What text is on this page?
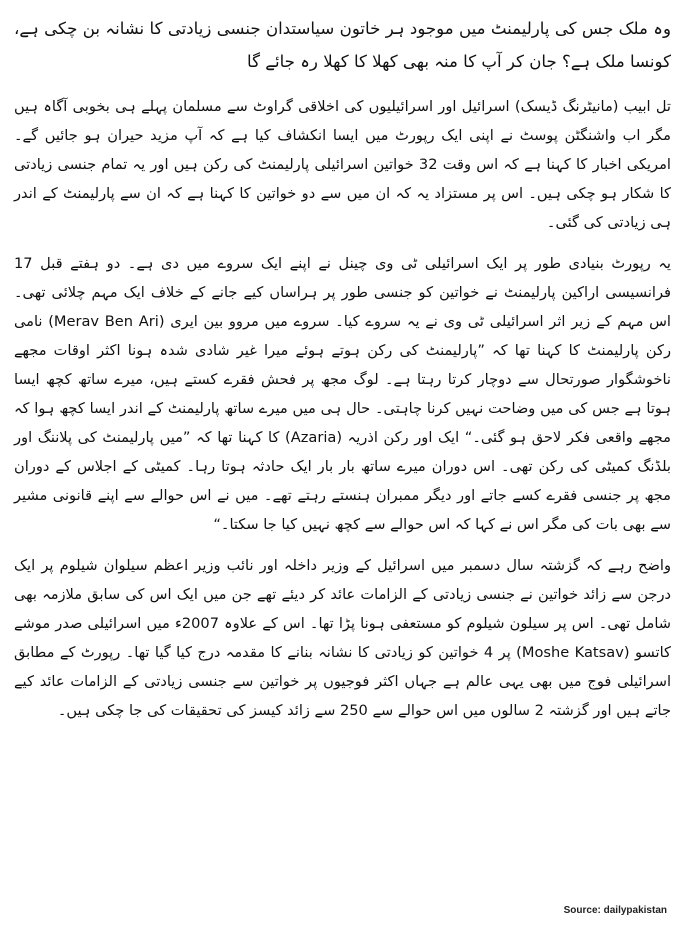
وہ ملک جس کی پارلیمنٹ میں موجود ہر خاتون سیاستدان جنسی زیادتی کا نشانہ بن چکی ہے، کونسا ملک ہے؟ جان کر آپ کا منہ بھی کھلا کا کھلا رہ جائے گا

تل ابیب (مانیٹرنگ ڈیسک) اسرائیل اور اسرائیلیوں کی اخلاقی گراوٹ سے مسلمان پہلے ہی بخوبی آگاہ ہیں مگر اب واشنگٹن پوسٹ نے اپنی ایک رپورٹ میں ایسا انکشاف کیا ہے کہ آپ مزید حیران ہو جائیں گے۔ امریکی اخبار کا کہنا ہے کہ اس وقت 32 خواتین اسرائیلی پارلیمنٹ کی رکن ہیں اور یہ تمام جنسی زیادتی کا شکار ہو چکی ہیں۔ اس پر مستزاد یہ کہ ان میں سے دو خواتین کا کہنا ہے کہ ان سے پارلیمنٹ کے اندر ہی زیادتی کی گئی۔

یہ رپورٹ بنیادی طور پر ایک اسرائیلی ٹی وی چینل نے اپنے ایک سروے میں دی ہے۔ دو ہفتے قبل 17 فرانسیسی اراکین پارلیمنٹ نے خواتین کو جنسی طور پر ہراساں کیے جانے کے خلاف ایک مہم چلائی تھی۔ اس مہم کے زیر اثر اسرائیلی ٹی وی نے یہ سروے کیا۔ سروے میں مروو بین ایری (Merav Ben Ari) نامی رکن پارلیمنٹ کا کہنا تھا کہ ”پارلیمنٹ کی رکن ہوتے ہوئے میرا غیر شادی شدہ ہونا اکثر اوقات مجھے ناخوشگوار صورتحال سے دوچار کرتا رہتا ہے۔ لوگ مجھ پر فحش فقرے کستے ہیں، میرے ساتھ کچھ ایسا ہوتا ہے جس کی میں وضاحت نہیں کرنا چاہتی۔ حال ہی میں میرے ساتھ پارلیمنٹ کے اندر ایسا کچھ ہوا کہ مجھے واقعی فکر لاحق ہو گئی۔“ ایک اور رکن اذریہ (Azaria) کا کہنا تھا کہ ”میں پارلیمنٹ کی پلاننگ اور بلڈنگ کمیٹی کی رکن تھی۔ اس دوران میرے ساتھ بار بار ایک حادثہ ہوتا رہا۔ کمیٹی کے اجلاس کے دوران مجھ پر جنسی فقرے کسے جاتے اور دیگر ممبران ہنستے رہتے تھے۔ میں نے اس حوالے سے اپنے قانونی مشیر سے بھی بات کی مگر اس نے کہا کہ اس حوالے سے کچھ نہیں کیا جا سکتا۔“

واضح رہے کہ گزشتہ سال دسمبر میں اسرائیل کے وزیر داخلہ اور نائب وزیر اعظم سیلوان شیلوم پر ایک درجن سے زائد خواتین نے جنسی زیادتی کے الزامات عائد کر دیئے تھے جن میں ایک اس کی سابق ملازمہ بھی شامل تھی۔ اس پر سیلون شیلوم کو مستعفی ہونا پڑا تھا۔ اس کے علاوہ 2007ء میں اسرائیلی صدر موشے کاتسو (Moshe Katsav) پر 4 خواتین کو زیادتی کا نشانہ بنانے کا مقدمہ درج کیا گیا تھا۔ رپورٹ کے مطابق اسرائیلی فوج میں بھی یہی عالم ہے جہاں اکثر فوجیوں پر خواتین سے جنسی زیادتی کے الزامات عائد کیے جاتے ہیں اور گزشتہ 2 سالوں میں اس حوالے سے 250 سے زائد کیسز کی تحقیقات کی جا چکی ہیں۔

Source: dailypakistan
